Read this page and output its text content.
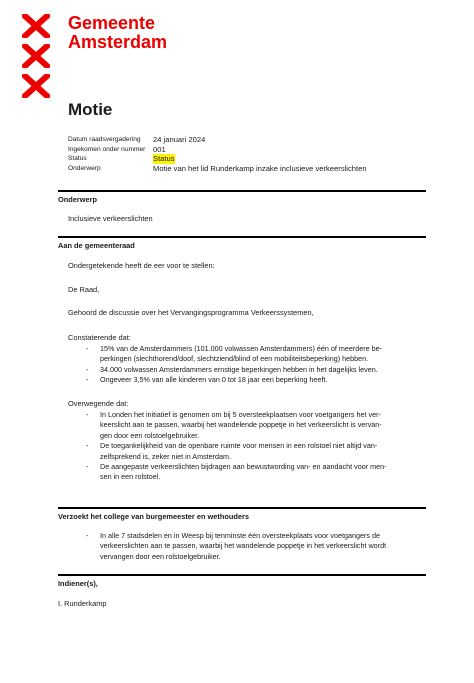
Gemeente
Amsterdam
Motie
Datum raadsvergadering	24 januari 2024
Ingekomen onder nummer	001
Status	Status
Onderwerp	Motie van het lid Runderkamp inzake inclusieve verkeerslichten
Onderwerp
Inclusieve verkeerslichten
Aan de gemeenteraad
Ondergetekende heeft de eer voor te stellen:
De Raad,
Gehoord de discussie over het Vervangingsprogramma Verkeerssystemen,
Constaterende dat:
- 15% van de Amsterdammers (101.000 volwassen Amsterdammers) één of meerdere be-
perkingen (slechthorend/doof, slechtziend/blind of een mobiliteitsbeperking) hebben.
- 34.000 volwassen Amsterdammers ernstige beperkingen hebben in het dagelijks leven.
- Ongeveer 3,5% van alle kinderen van 0 tot 18 jaar een beperking heeft.
Overwegende dat:
- In Londen het initiatief is genomen om bij 5 oversteekplaatsen voor voetgangers het ver-
keerslicht aan te passen, waarbij het wandelende poppetje in het verkeerslicht is vervan-
gen door een rolstoelgebruiker.
- De toegankelijkheid van de openbare ruimte voor mensen in een rolstoel niet altijd van-
zelfsprekend is, zeker niet in Amsterdam.
- De aangepaste verkeerslichten bijdragen aan bewustwording van- en aandacht voor men-
sen in een rolstoel.
Verzoekt het college van burgemeester en wethouders
- In alle 7 stadsdelen en in Weesp bij tenminste één oversteekplaats voor voetgangers de
verkeerslichten aan te passen, waarbij het wandelende poppetje in het verkeerslicht wordt
vervangen door een rolstoelgebruiker.
Indiener(s),
I. Runderkamp
